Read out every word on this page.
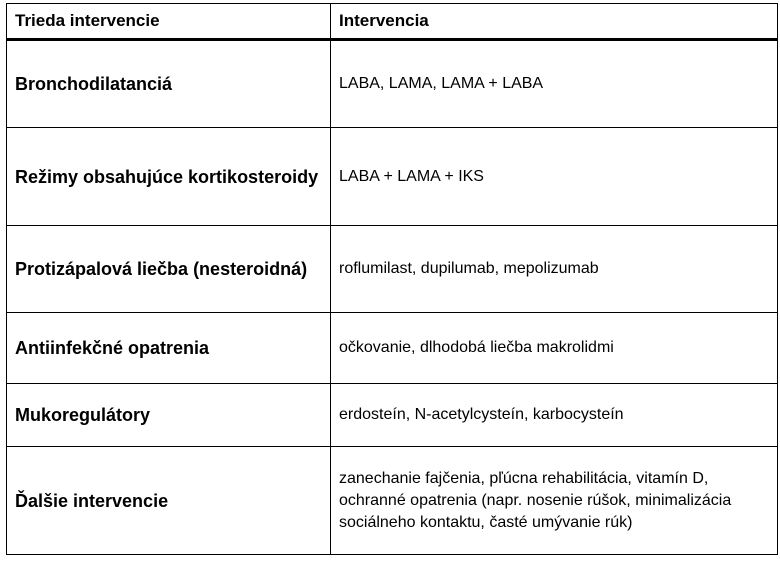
Trieda intervencie	Intervencia
Bronchodilatanciá	LABA, LAMA, LAMA + LABA
Režimy obsahujúce kortikosteroidy	LABA + LAMA + IKS
Protizápalová liečba (nesteroidná)	roflumilast, dupilumab, mepolizumab
Antiinfekčné opatrenia	očkovanie, dlhodobá liečba makrolidmi
Mukoregulátory	erdosteín, N-acetylcysteín, karbocysteín
Ďalšie intervencie	zanechanie fajčenia, pľúcna rehabilitácia, vitamín D, ochranné opatrenia (napr. nosenie rúšok, minimalizácia sociálneho kontaktu, časté umývanie rúk)
